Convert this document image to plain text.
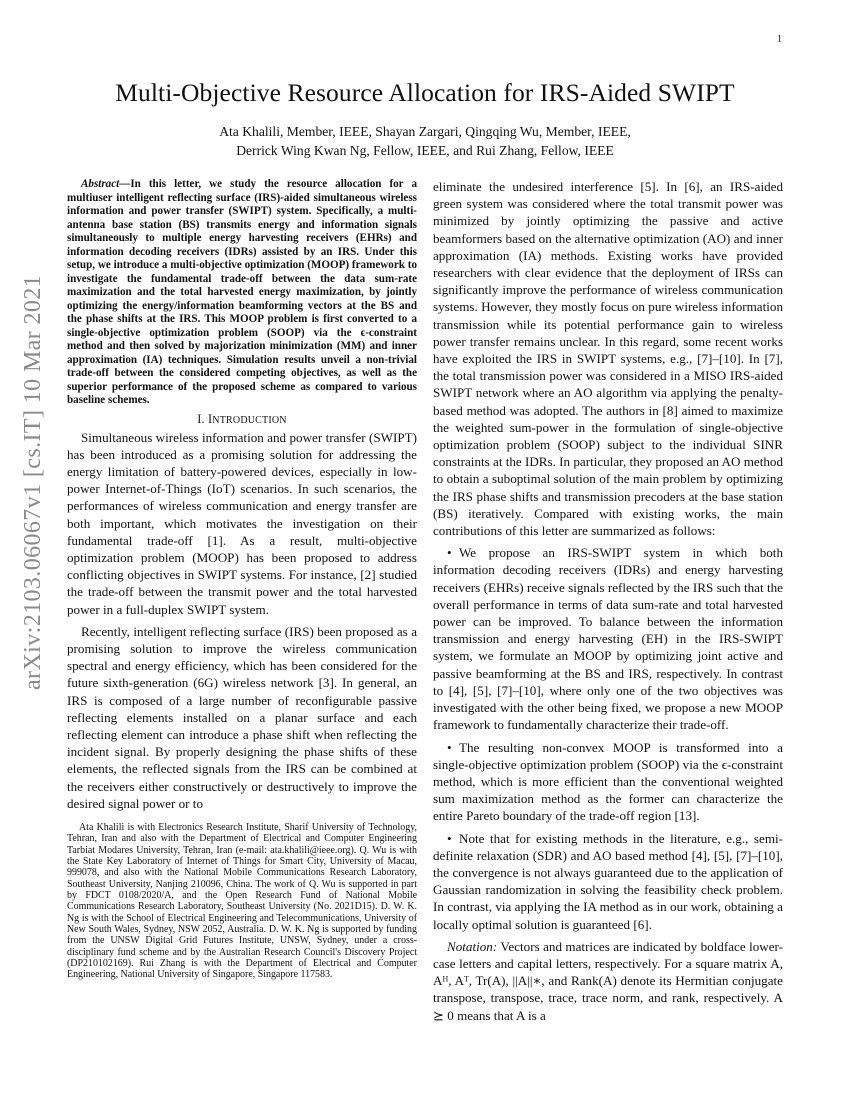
1
arXiv:2103.06067v1 [cs.IT] 10 Mar 2021
Multi-Objective Resource Allocation for IRS-Aided SWIPT
Ata Khalili, Member, IEEE, Shayan Zargari, Qingqing Wu, Member, IEEE,
Derrick Wing Kwan Ng, Fellow, IEEE, and Rui Zhang, Fellow, IEEE

Abstract—In this letter, we study the resource allocation for a multiuser intelligent reflecting surface (IRS)-aided simultaneous wireless information and power transfer (SWIPT) system. Specifically, a multi-antenna base station (BS) transmits energy and information signals simultaneously to multiple energy harvesting receivers (EHRs) and information decoding receivers (IDRs) assisted by an IRS. Under this setup, we introduce a multi-objective optimization (MOOP) framework to investigate the fundamental trade-off between the data sum-rate maximization and the total harvested energy maximization, by jointly optimizing the energy/information beamforming vectors at the BS and the phase shifts at the IRS. This MOOP problem is first converted to a single-objective optimization problem (SOOP) via the ϵ-constraint method and then solved by majorization minimization (MM) and inner approximation (IA) techniques. Simulation results unveil a non-trivial trade-off between the considered competing objectives, as well as the superior performance of the proposed scheme as compared to various baseline schemes.

I. INTRODUCTION

Simultaneous wireless information and power transfer (SWIPT) has been introduced as a promising solution for addressing the energy limitation of battery-powered devices, especially in low-power Internet-of-Things (IoT) scenarios. In such scenarios, the performances of wireless communication and energy transfer are both important, which motivates the investigation on their fundamental trade-off [1]. As a result, multi-objective optimization problem (MOOP) has been proposed to address conflicting objectives in SWIPT systems. For instance, [2] studied the trade-off between the transmit power and the total harvested power in a full-duplex SWIPT system.

Recently, intelligent reflecting surface (IRS) been proposed as a promising solution to improve the wireless communication spectral and energy efficiency, which has been considered for the future sixth-generation (6G) wireless network [3]. In general, an IRS is composed of a large number of reconfigurable passive reflecting elements installed on a planar surface and each reflecting element can introduce a phase shift when reflecting the incident signal. By properly designing the phase shifts of these elements, the reflected signals from the IRS can be combined at the receivers either constructively or destructively to improve the desired signal power or to

Ata Khalili is with Electronics Research Institute, Sharif University of Technology, Tehran, Iran and also with the Department of Electrical and Computer Engineering Tarbiat Modares University, Tehran, Iran (e-mail: ata.khalili@ieee.org). Q. Wu is with the State Key Laboratory of Internet of Things for Smart City, University of Macau, 999078, and also with the National Mobile Communications Research Laboratory, Southeast University, Nanjing 210096, China. The work of Q. Wu is supported in part by FDCT 0108/2020/A, and the Open Research Fund of National Mobile Communications Research Laboratory, Southeast University (No. 2021D15). D. W. K. Ng is with the School of Electrical Engineering and Telecommunications, University of New South Wales, Sydney, NSW 2052, Australia. D. W. K. Ng is supported by funding from the UNSW Digital Grid Futures Institute, UNSW, Sydney, under a cross-disciplinary fund scheme and by the Australian Research Council's Discovery Project (DP210102169). Rui Zhang is with the Department of Electrical and Computer Engineering, National University of Singapore, Singapore 117583.

eliminate the undesired interference [5]. In [6], an IRS-aided green system was considered where the total transmit power was minimized by jointly optimizing the passive and active beamformers based on the alternative optimization (AO) and inner approximation (IA) methods. Existing works have provided researchers with clear evidence that the deployment of IRSs can significantly improve the performance of wireless communication systems. However, they mostly focus on pure wireless information transmission while its potential performance gain to wireless power transfer remains unclear. In this regard, some recent works have exploited the IRS in SWIPT systems, e.g., [7]–[10]. In [7], the total transmission power was considered in a MISO IRS-aided SWIPT network where an AO algorithm via applying the penalty-based method was adopted. The authors in [8] aimed to maximize the weighted sum-power in the formulation of single-objective optimization problem (SOOP) subject to the individual SINR constraints at the IDRs. In particular, they proposed an AO method to obtain a suboptimal solution of the main problem by optimizing the IRS phase shifts and transmission precoders at the base station (BS) iteratively. Compared with existing works, the main contributions of this letter are summarized as follows:

• We propose an IRS-SWIPT system in which both information decoding receivers (IDRs) and energy harvesting receivers (EHRs) receive signals reflected by the IRS such that the overall performance in terms of data sum-rate and total harvested power can be improved. To balance between the information transmission and energy harvesting (EH) in the IRS-SWIPT system, we formulate an MOOP by optimizing joint active and passive beamforming at the BS and IRS, respectively. In contrast to [4], [5], [7]–[10], where only one of the two objectives was investigated with the other being fixed, we propose a new MOOP framework to fundamentally characterize their trade-off.

• The resulting non-convex MOOP is transformed into a single-objective optimization problem (SOOP) via the ϵ-constraint method, which is more efficient than the conventional weighted sum maximization method as the former can characterize the entire Pareto boundary of the trade-off region [13].

• Note that for existing methods in the literature, e.g., semi-definite relaxation (SDR) and AO based method [4], [5], [7]–[10], the convergence is not always guaranteed due to the application of Gaussian randomization in solving the feasibility check problem. In contrast, via applying the IA method as in our work, obtaining a locally optimal solution is guaranteed [6].

Notation: Vectors and matrices are indicated by boldface lower-case letters and capital letters, respectively. For a square matrix A, Aᴴ, Aᵀ, Tr(A), ||A||∗, and Rank(A) denote its Hermitian conjugate transpose, transpose, trace, trace norm, and rank, respectively. A ⪰ 0 means that A is a
